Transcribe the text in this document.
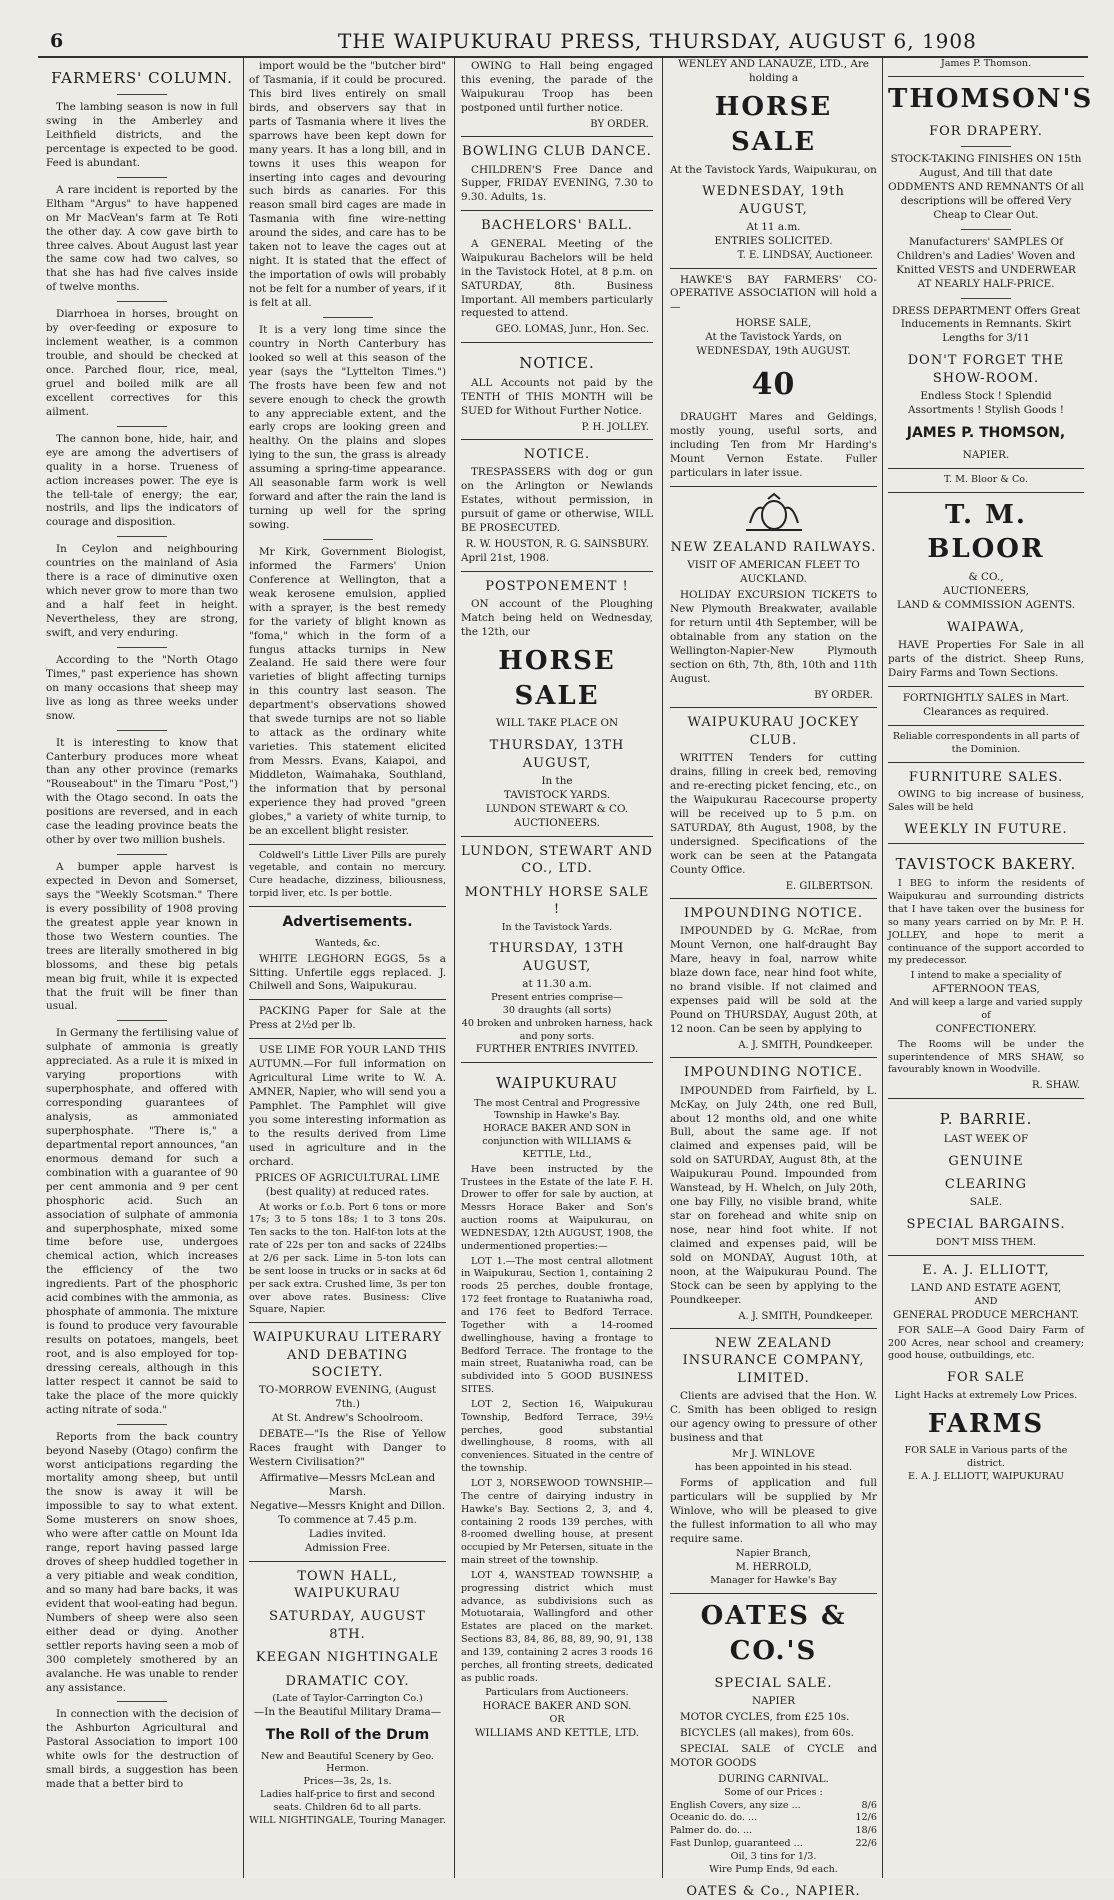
6	THE WAIPUKURAU PRESS, THURSDAY, AUGUST 6, 1908
FARMERS' COLUMN.

The lambing season is now in full swing in the Amberley and Leithfield districts, and the percentage is expected to be good. Feed is abundant.

A rare incident is reported by the Eltham "Argus" to have happened on Mr MacVean's farm at Te Roti the other day. A cow gave birth to three calves. About August last year the same cow had two calves, so that she has had five calves inside of twelve months.

Diarrhoea in horses, brought on by over-feeding or exposure to inclement weather, is a common trouble, and should be checked at once. Parched flour, rice, meal, gruel and boiled milk are all excellent correctives for this ailment.

The cannon bone, hide, hair, and eye are among the advertisers of quality in a horse. Trueness of action increases power. The eye is the tell-tale of energy; the ear, nostrils, and lips the indicators of courage and disposition.

In Ceylon and neighbouring countries on the mainland of Asia there is a race of diminutive oxen which never grow to more than two and a half feet in height. Nevertheless, they are strong, swift, and very enduring.

According to the "North Otago Times," past experience has shown on many occasions that sheep may live as long as three weeks under snow.

It is interesting to know that Canterbury produces more wheat than any other province (remarks "Rouseabout" in the Timaru "Post,") with the Otago second. In oats the positions are reversed, and in each case the leading province beats the other by over two million bushels.

A bumper apple harvest is expected in Devon and Somerset, says the "Weekly Scotsman." There is every possibility of 1908 proving the greatest apple year known in those two Western counties. The trees are literally smothered in big blossoms, and these big petals mean big fruit, while it is expected that the fruit will be finer than usual.

In Germany the fertilising value of sulphate of ammonia is greatly appreciated. As a rule it is mixed in varying proportions with superphosphate, and offered with corresponding guarantees of analysis, as ammoniated superphosphate. "There is," a departmental report announces, "an enormous demand for such a combination with a guarantee of 90 per cent ammonia and 9 per cent phosphoric acid. Such an association of sulphate of ammonia and superphosphate, mixed some time before use, undergoes chemical action, which increases the efficiency of the two ingredients. Part of the phosphoric acid combines with the ammonia, as phosphate of ammonia. The mixture is found to produce very favourable results on potatoes, mangels, beet root, and is also employed for top-dressing cereals, although in this latter respect it cannot be said to take the place of the more quickly acting nitrate of soda."

Reports from the back country beyond Naseby (Otago) confirm the worst anticipations regarding the mortality among sheep, but until the snow is away it will be impossible to say to what extent. Some musterers on snow shoes, who were after cattle on Mount Ida range, report having passed large droves of sheep huddled together in a very pitiable and weak condition, and so many had bare backs, it was evident that wool-eating had begun. Numbers of sheep were also seen either dead or dying. Another settler reports having seen a mob of 300 completely smothered by an avalanche. He was unable to render any assistance.

In connection with the decision of the Ashburton Agricultural and Pastoral Association to import 100 white owls for the destruction of small birds, a suggestion has been made that a better bird to

import would be the "butcher bird" of Tasmania, if it could be procured. This bird lives entirely on small birds, and observers say that in parts of Tasmania where it lives the sparrows have been kept down for many years. It has a long bill, and in towns it uses this weapon for inserting into cages and devouring such birds as canaries. For this reason small bird cages are made in Tasmania with fine wire-netting around the sides, and care has to be taken not to leave the cages out at night. It is stated that the effect of the importation of owls will probably not be felt for a number of years, if it is felt at all.

It is a very long time since the country in North Canterbury has looked so well at this season of the year (says the "Lyttelton Times.") The frosts have been few and not severe enough to check the growth to any appreciable extent, and the early crops are looking green and healthy. On the plains and slopes lying to the sun, the grass is already assuming a spring-time appearance. All seasonable farm work is well forward and after the rain the land is turning up well for the spring sowing.

Mr Kirk, Government Biologist, informed the Farmers' Union Conference at Wellington, that a weak kerosene emulsion, applied with a sprayer, is the best remedy for the variety of blight known as "fomа," which in the form of a fungus attacks turnips in New Zealand. He said there were four varieties of blight affecting turnips in this country last season. The department's observations showed that swede turnips are not so liable to attack as the ordinary white varieties. This statement elicited from Messrs. Evans, Kaiapoi, and Middleton, Waimahaka, Southland, the information that by personal experience they had proved "green globes," a variety of white turnip, to be an excellent blight resister.

Coldwell's Little Liver Pills are purely vegetable, and contain no mercury. Cure headache, dizziness, biliousness, torpid liver, etc. Is per bottle.

Advertisements.
Wanteds, &c.

WHITE LEGHORN EGGS, 5s a Sitting. Unfertile eggs replaced. J. Chilwell and Sons, Waipukurau.

PACKING Paper for Sale at the Press at 2½d per lb.

USE LIME FOR YOUR LAND THIS AUTUMN.—For full information on Agricultural Lime write to W. A. AMNER, Napier, who will send you a Pamphlet. The Pamphlet will give you some interesting information as to the results derived from Lime used in agriculture and in the orchard.

PRICES OF AGRICULTURAL LIME (best quality) at reduced rates.

At works or f.o.b. Port 6 tons or more 17s; 3 to 5 tons 18s; 1 to 3 tons 20s. Ten sacks to the ton. Half-ton lots at the rate of 22s per ton and sacks of 224lbs at 2/6 per sack. Lime in 5-ton lots can be sent loose in trucks or in sacks at 6d per sack extra. Crushed lime, 3s per ton over above rates. Business: Clive Square, Napier.

WAIPUKURAU LITERARY AND DEBATING SOCIETY.
TO-MORROW EVENING, (August 7th.)
At St. Andrew's Schoolroom.

DEBATE—"Is the Rise of Yellow Races fraught with Danger to Western Civilisation?"

Affirmative—Messrs McLean and Marsh.
Negative—Messrs Knight and Dillon.
To commence at 7.45 p.m.
Ladies invited.
Admission Free.
TOWN HALL, WAIPUKURAU
SATURDAY, AUGUST 8TH.
KEEGAN NIGHTINGALE
DRAMATIC COY.
(Late of Taylor-Carrington Co.)
—In the Beautiful Military Drama—
The Roll of the Drum
New and Beautiful Scenery by Geo. Hermon.
Prices—3s, 2s, 1s.
Ladies half-price to first and second seats. Children 6d to all parts.
WILL NIGHTINGALE, Touring Manager.

OWING to Hall being engaged this evening, the parade of the Waipukurau Troop has been postponed until further notice.

BY ORDER.
BOWLING CLUB DANCE.

CHILDREN'S Free Dance and Supper, FRIDAY EVENING, 7.30 to 9.30. Adults, 1s.

BACHELORS' BALL.

A GENERAL Meeting of the Waipukurau Bachelors will be held in the Tavistock Hotel, at 8 p.m. on SATURDAY, 8th. Business Important. All members particularly requested to attend.

GEO. LOMAS, Junr., Hon. Sec.
NOTICE.

ALL Accounts not paid by the TENTH of THIS MONTH will be SUED for Without Further Notice.

P. H. JOLLEY.
NOTICE.

TRESPASSERS with dog or gun on the Arlington or Newlands Estates, without permission, in pursuit of game or otherwise, WILL BE PROSECUTED.

R. W. HOUSTON, R. G. SAINSBURY.
April 21st, 1908.
POSTPONEMENT !

ON account of the Ploughing Match being held on Wednesday, the 12th, our

HORSE SALE
WILL TAKE PLACE ON
THURSDAY, 13TH AUGUST,
In the
TAVISTOCK YARDS.
LUNDON STEWART & CO. AUCTIONEERS.
LUNDON, STEWART AND CO., LTD.
MONTHLY HORSE SALE !
In the Tavistock Yards.
THURSDAY, 13TH AUGUST,
at 11.30 a.m.
Present entries comprise—
30 draughts (all sorts)
40 broken and unbroken harness, hack and pony sorts.
FURTHER ENTRIES INVITED.
WAIPUKURAU
The most Central and Progressive Township in Hawke's Bay.
HORACE BAKER AND SON in conjunction with WILLIAMS & KETTLE, Ltd.,

Have been instructed by the Trustees in the Estate of the late F. H. Drower to offer for sale by auction, at Messrs Horace Baker and Son's auction rooms at Waipukurau, on WEDNESDAY, 12th AUGUST, 1908, the undermentioned properties:—

LOT 1.—The most central allotment in Waipukurau, Section 1, containing 2 roods 25 perches, double frontage, 172 feet frontage to Ruataniwha road, and 176 feet to Bedford Terrace. Together with a 14-roomed dwellinghouse, having a frontage to Bedford Terrace. The frontage to the main street, Ruataniwha road, can be subdivided into 5 GOOD BUSINESS SITES.

LOT 2, Section 16, Waipukurau Township, Bedford Terrace, 39½ perches, good substantial dwellinghouse, 8 rooms, with all conveniences. Situated in the centre of the township.

LOT 3, NORSEWOOD TOWNSHIP.—The centre of dairying industry in Hawke's Bay. Sections 2, 3, and 4, containing 2 roods 139 perches, with 8-roomed dwelling house, at present occupied by Mr Petersen, situate in the main street of the township.

LOT 4, WANSTEAD TOWNSHIP, a progressing district which must advance, as subdivisions such as Motuotaraia, Wallingford and other Estates are placed on the market. Sections 83, 84, 86, 88, 89, 90, 91, 138 and 139, containing 2 acres 3 roods 16 perches, all fronting streets, dedicated as public roads.

Particulars from Auctioneers.
HORACE BAKER AND SON.
OR
WILLIAMS AND KETTLE, LTD.
WENLEY AND LANAUZE, LTD., Are holding a
HORSE SALE
At the Tavistock Yards, Waipukurau, on
WEDNESDAY, 19th AUGUST,
At 11 a.m.
ENTRIES SOLICITED.
T. E. LINDSAY, Auctioneer.

HAWKE'S BAY FARMERS' CO-OPERATIVE ASSOCIATION will hold a—

HORSE SALE,
At the Tavistock Yards, on WEDNESDAY, 19th AUGUST.
40

DRAUGHT Mares and Geldings, mostly young, useful sorts, and including Ten from Mr Harding's Mount Vernon Estate. Fuller particulars in later issue.

NEW ZEALAND RAILWAYS.
VISIT OF AMERICAN FLEET TO AUCKLAND.

HOLIDAY EXCURSION TICKETS to New Plymouth Breakwater, available for return until 4th September, will be obtainable from any station on the Wellington-Napier-New Plymouth section on 6th, 7th, 8th, 10th and 11th August.

BY ORDER.
WAIPUKURAU JOCKEY CLUB.

WRITTEN Tenders for cutting drains, filling in creek bed, removing and re-erecting picket fencing, etc., on the Waipukurau Racecourse property will be received up to 5 p.m. on SATURDAY, 8th August, 1908, by the undersigned. Specifications of the work can be seen at the Patangata County Office.

E. GILBERTSON.
IMPOUNDING NOTICE.

IMPOUNDED by G. McRae, from Mount Vernon, one half-draught Bay Mare, heavy in foal, narrow white blaze down face, near hind foot white, no brand visible. If not claimed and expenses paid will be sold at the Pound on THURSDAY, August 20th, at 12 noon. Can be seen by applying to

A. J. SMITH, Poundkeeper.
IMPOUNDING NOTICE.

IMPOUNDED from Fairfield, by L. McKay, on July 24th, one red Bull, about 12 months old, and one white Bull, about the same age. If not claimed and expenses paid, will be sold on SATURDAY, August 8th, at the Waipukurau Pound. Impounded from Wanstead, by H. Whelch, on July 20th, one bay Filly, no visible brand, white star on forehead and white snip on nose, near hind foot white. If not claimed and expenses paid, will be sold on MONDAY, August 10th, at noon, at the Waipukurau Pound. The Stock can be seen by applying to the Poundkeeper.

A. J. SMITH, Poundkeeper.
NEW ZEALAND INSURANCE COMPANY, LIMITED.

Clients are advised that the Hon. W. C. Smith has been obliged to resign our agency owing to pressure of other business and that

Mr J. WINLOVE
has been appointed in his stead.

Forms of application and full particulars will be supplied by Mr Winlove, who will be pleased to give the fullest information to all who may require same.

Napier Branch,
M. HERROLD,
Manager for Hawke's Bay
OATES & CO.'S
SPECIAL SALE.
NAPIER

MOTOR CYCLES, from £25 10s.

BICYCLES (all makes), from 60s.

SPECIAL SALE of CYCLE and MOTOR GOODS

DURING CARNIVAL.
Some of our Prices :
English Covers, any size ...	8/6
Oceanic do. do. ...	12/6
Palmer do. do. ...	18/6
Fast Dunlop, guaranteed ...	22/6
Oil, 3 tins for 1/3.
Wire Pump Ends, 9d each.
OATES & Co., NAPIER.
James P. Thomson.
THOMSON'S
FOR DRAPERY.
STOCK-TAKING FINISHES ON 15th August, And till that date ODDMENTS AND REMNANTS Of all descriptions will be offered Very Cheap to Clear Out.
Manufacturers' SAMPLES Of Children's and Ladies' Woven and Knitted VESTS and UNDERWEAR AT NEARLY HALF-PRICE.
DRESS DEPARTMENT Offers Great Inducements in Remnants. Skirt Lengths for 3/11
DON'T FORGET THE SHOW-ROOM.
Endless Stock ! Splendid Assortments ! Stylish Goods !
JAMES P. THOMSON,
NAPIER.
T. M. Bloor & Co.
T. M. BLOOR
& CO.,
AUCTIONEERS,
LAND & COMMISSION AGENTS.
WAIPAWA,

HAVE Properties For Sale in all parts of the district. Sheep Runs, Dairy Farms and Town Sections.

FORTNIGHTLY SALES in Mart. Clearances as required.
Reliable correspondents in all parts of the Dominion.
FURNITURE SALES.

OWING to big increase of business, Sales will be held

WEEKLY IN FUTURE.
TAVISTOCK BAKERY.

I BEG to inform the residents of Waipukurau and surrounding districts that I have taken over the business for so many years carried on by Mr. P. H. JOLLEY, and hope to merit a continuance of the support accorded to my predecessor.

I intend to make a speciality of
AFTERNOON TEAS,
And will keep a large and varied supply of
CONFECTIONERY.

The Rooms will be under the superintendence of MRS SHAW, so favourably known in Woodville.

R. SHAW.
P. BARRIE.
LAST WEEK OF
GENUINE
CLEARING
SALE.
SPECIAL BARGAINS.
DON'T MISS THEM.
E. A. J. ELLIOTT,
LAND AND ESTATE AGENT,
AND
GENERAL PRODUCE MERCHANT.

FOR SALE—A Good Dairy Farm of 200 Acres, near school and creamery; good house, outbuildings, etc.

FOR SALE
Light Hacks at extremely Low Prices.
FARMS
FOR SALE in Various parts of the district.
E. A. J. ELLIOTT, WAIPUKURAU
